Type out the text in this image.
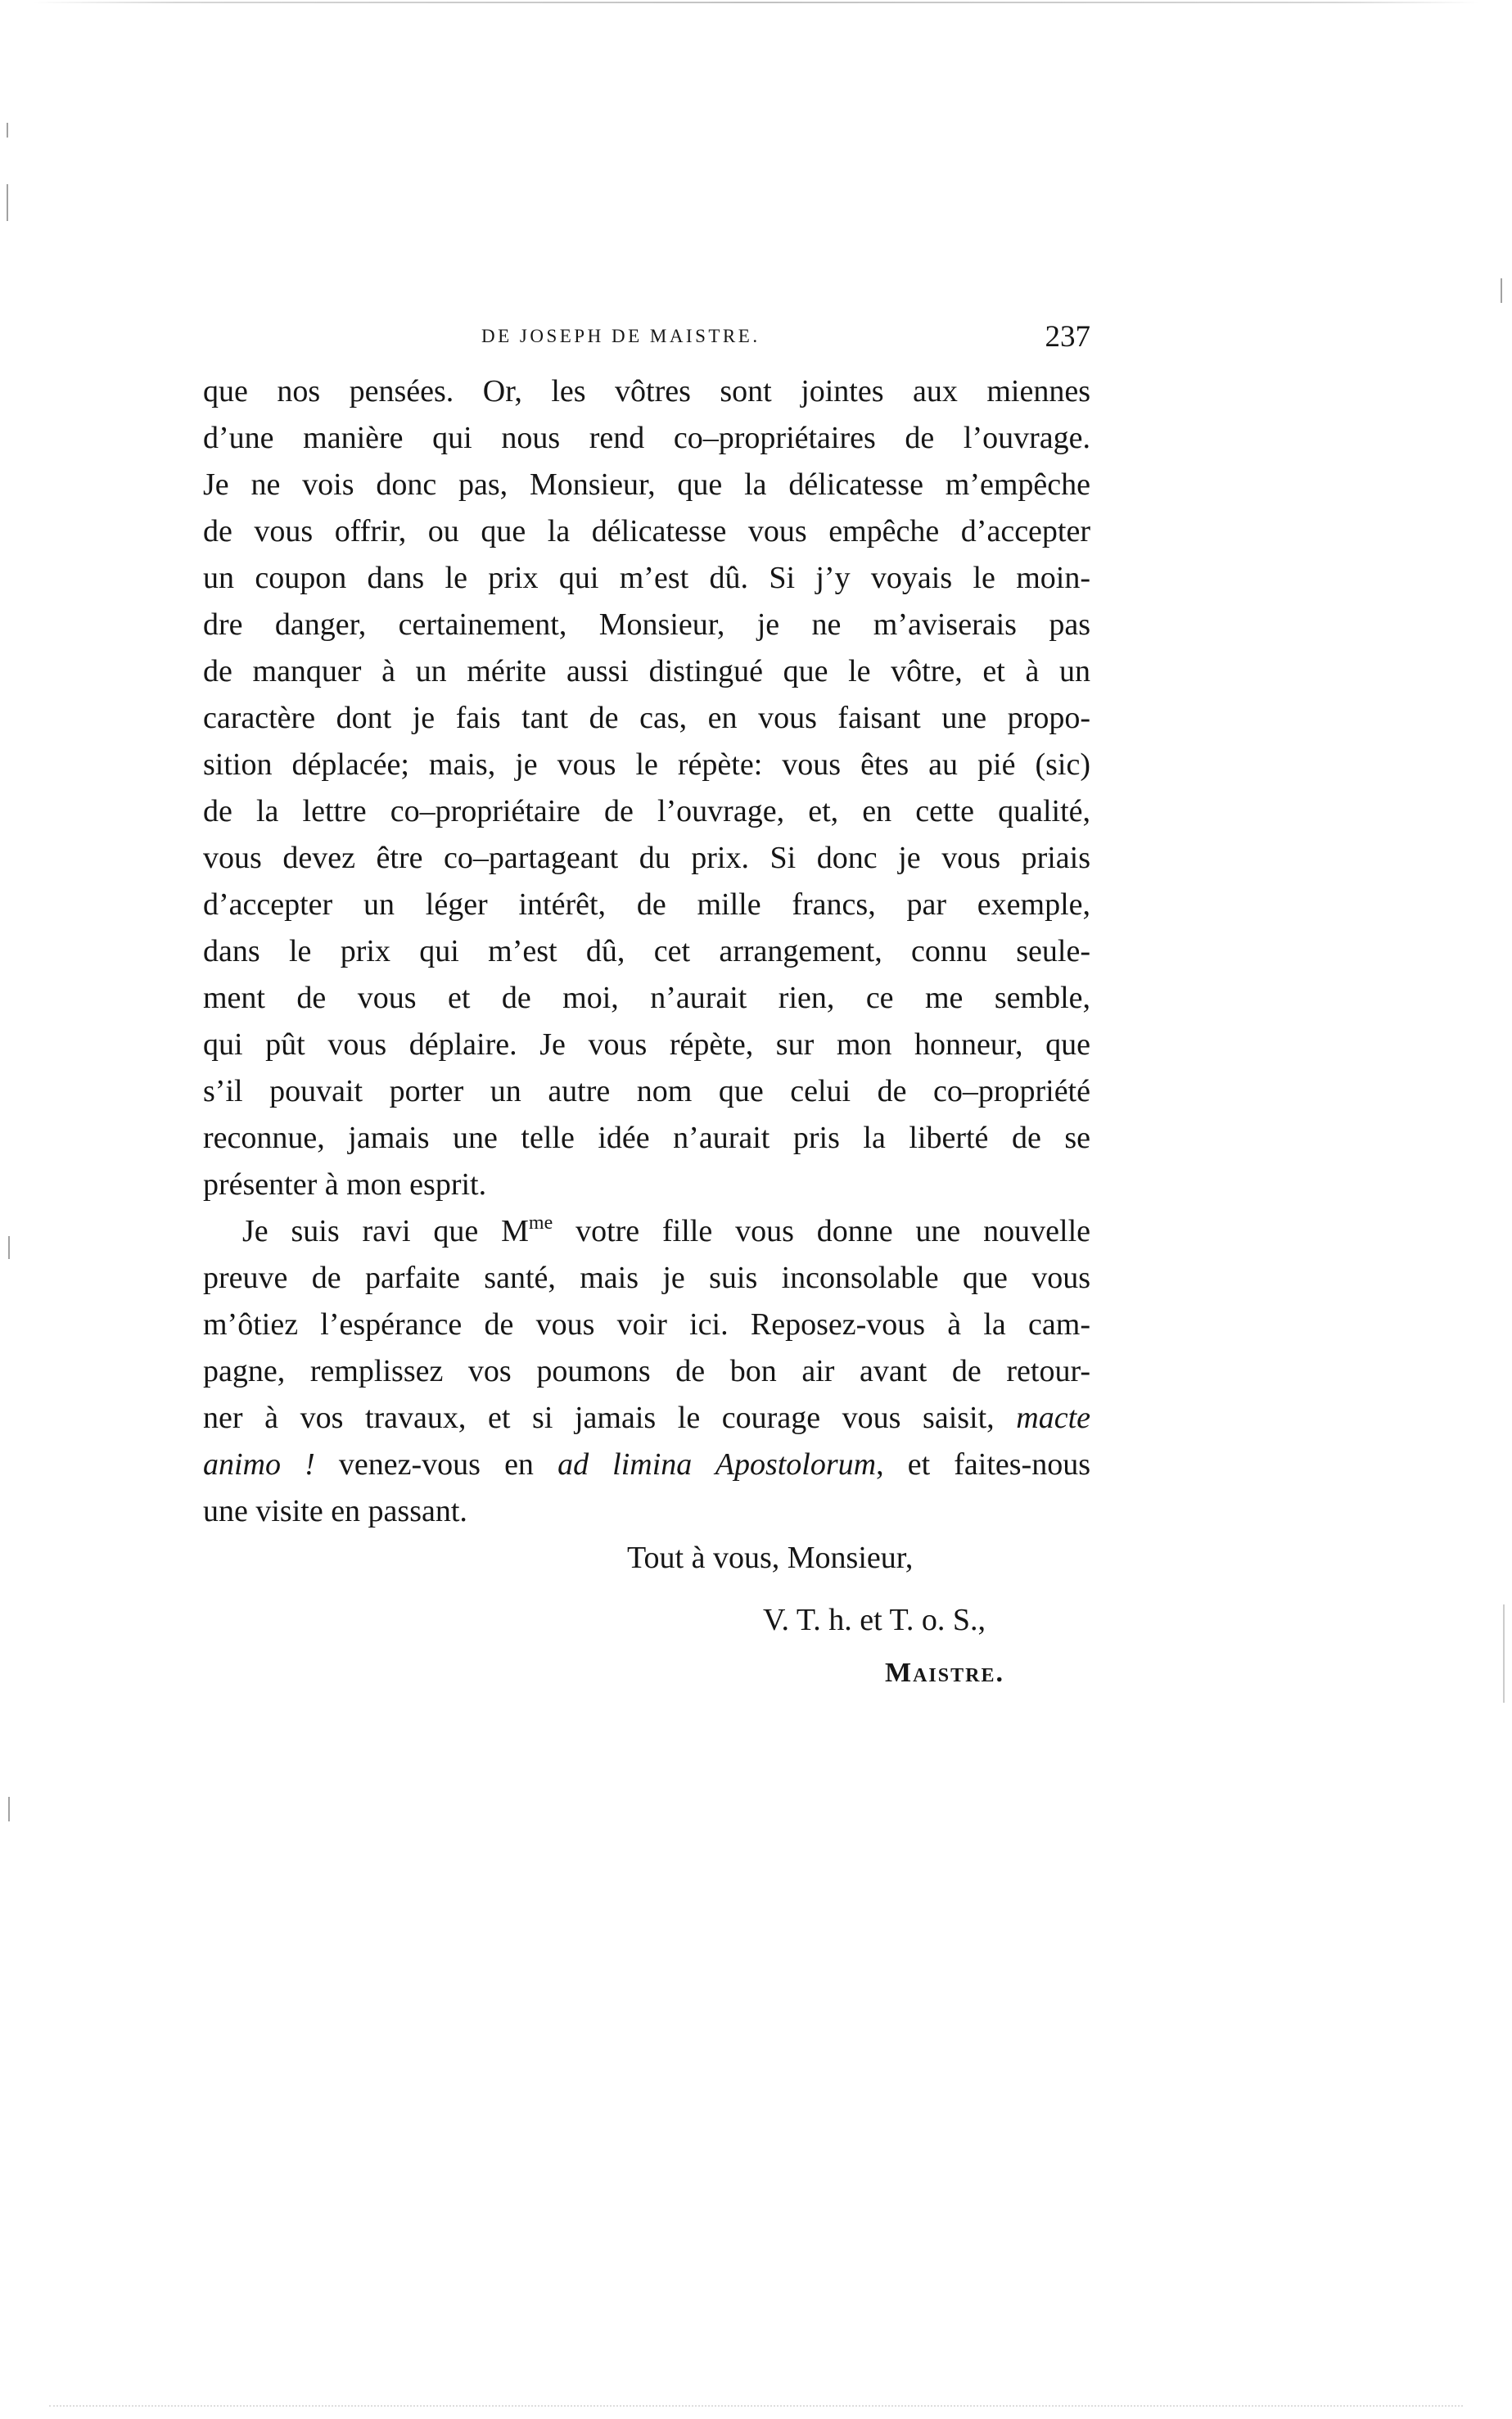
DE JOSEPH DE MAISTRE.	237
que nos pensées. Or, les vôtres sont jointes aux miennes
d’une manière qui nous rend co–propriétaires de l’ouvrage.
Je ne vois donc pas, Monsieur, que la délicatesse m’empêche
de vous offrir, ou que la délicatesse vous empêche d’accepter
un coupon dans le prix qui m’est dû. Si j’y voyais le moin-
dre danger, certainement, Monsieur, je ne m’aviserais pas
de manquer à un mérite aussi distingué que le vôtre, et à un
caractère dont je fais tant de cas, en vous faisant une propo-
sition déplacée; mais, je vous le répète: vous êtes au pié (sic)
de la lettre co–propriétaire de l’ouvrage, et, en cette qualité,
vous devez être co–partageant du prix. Si donc je vous priais
d’accepter un léger intérêt, de mille francs, par exemple,
dans le prix qui m’est dû, cet arrangement, connu seule-
ment de vous et de moi, n’aurait rien, ce me semble,
qui pût vous déplaire. Je vous répète, sur mon honneur, que
s’il pouvait porter un autre nom que celui de co–propriété
reconnue, jamais une telle idée n’aurait pris la liberté de se
présenter à mon esprit.
Je suis ravi que $M^{me}$ votre fille vous donne une nouvelle
preuve de parfaite santé, mais je suis inconsolable que vous
m’ôtiez l’espérance de vous voir ici. Reposez-vous à la cam-
pagne, remplissez vos poumons de bon air avant de retour-
ner à vos travaux, et si jamais le courage vous saisit, macte
animo ! venez-vous en ad limina Apostolorum, et faites-nous
une visite en passant.
Tout à vous, Monsieur,
V. T. h. et T. o. S.,
Maistre.
